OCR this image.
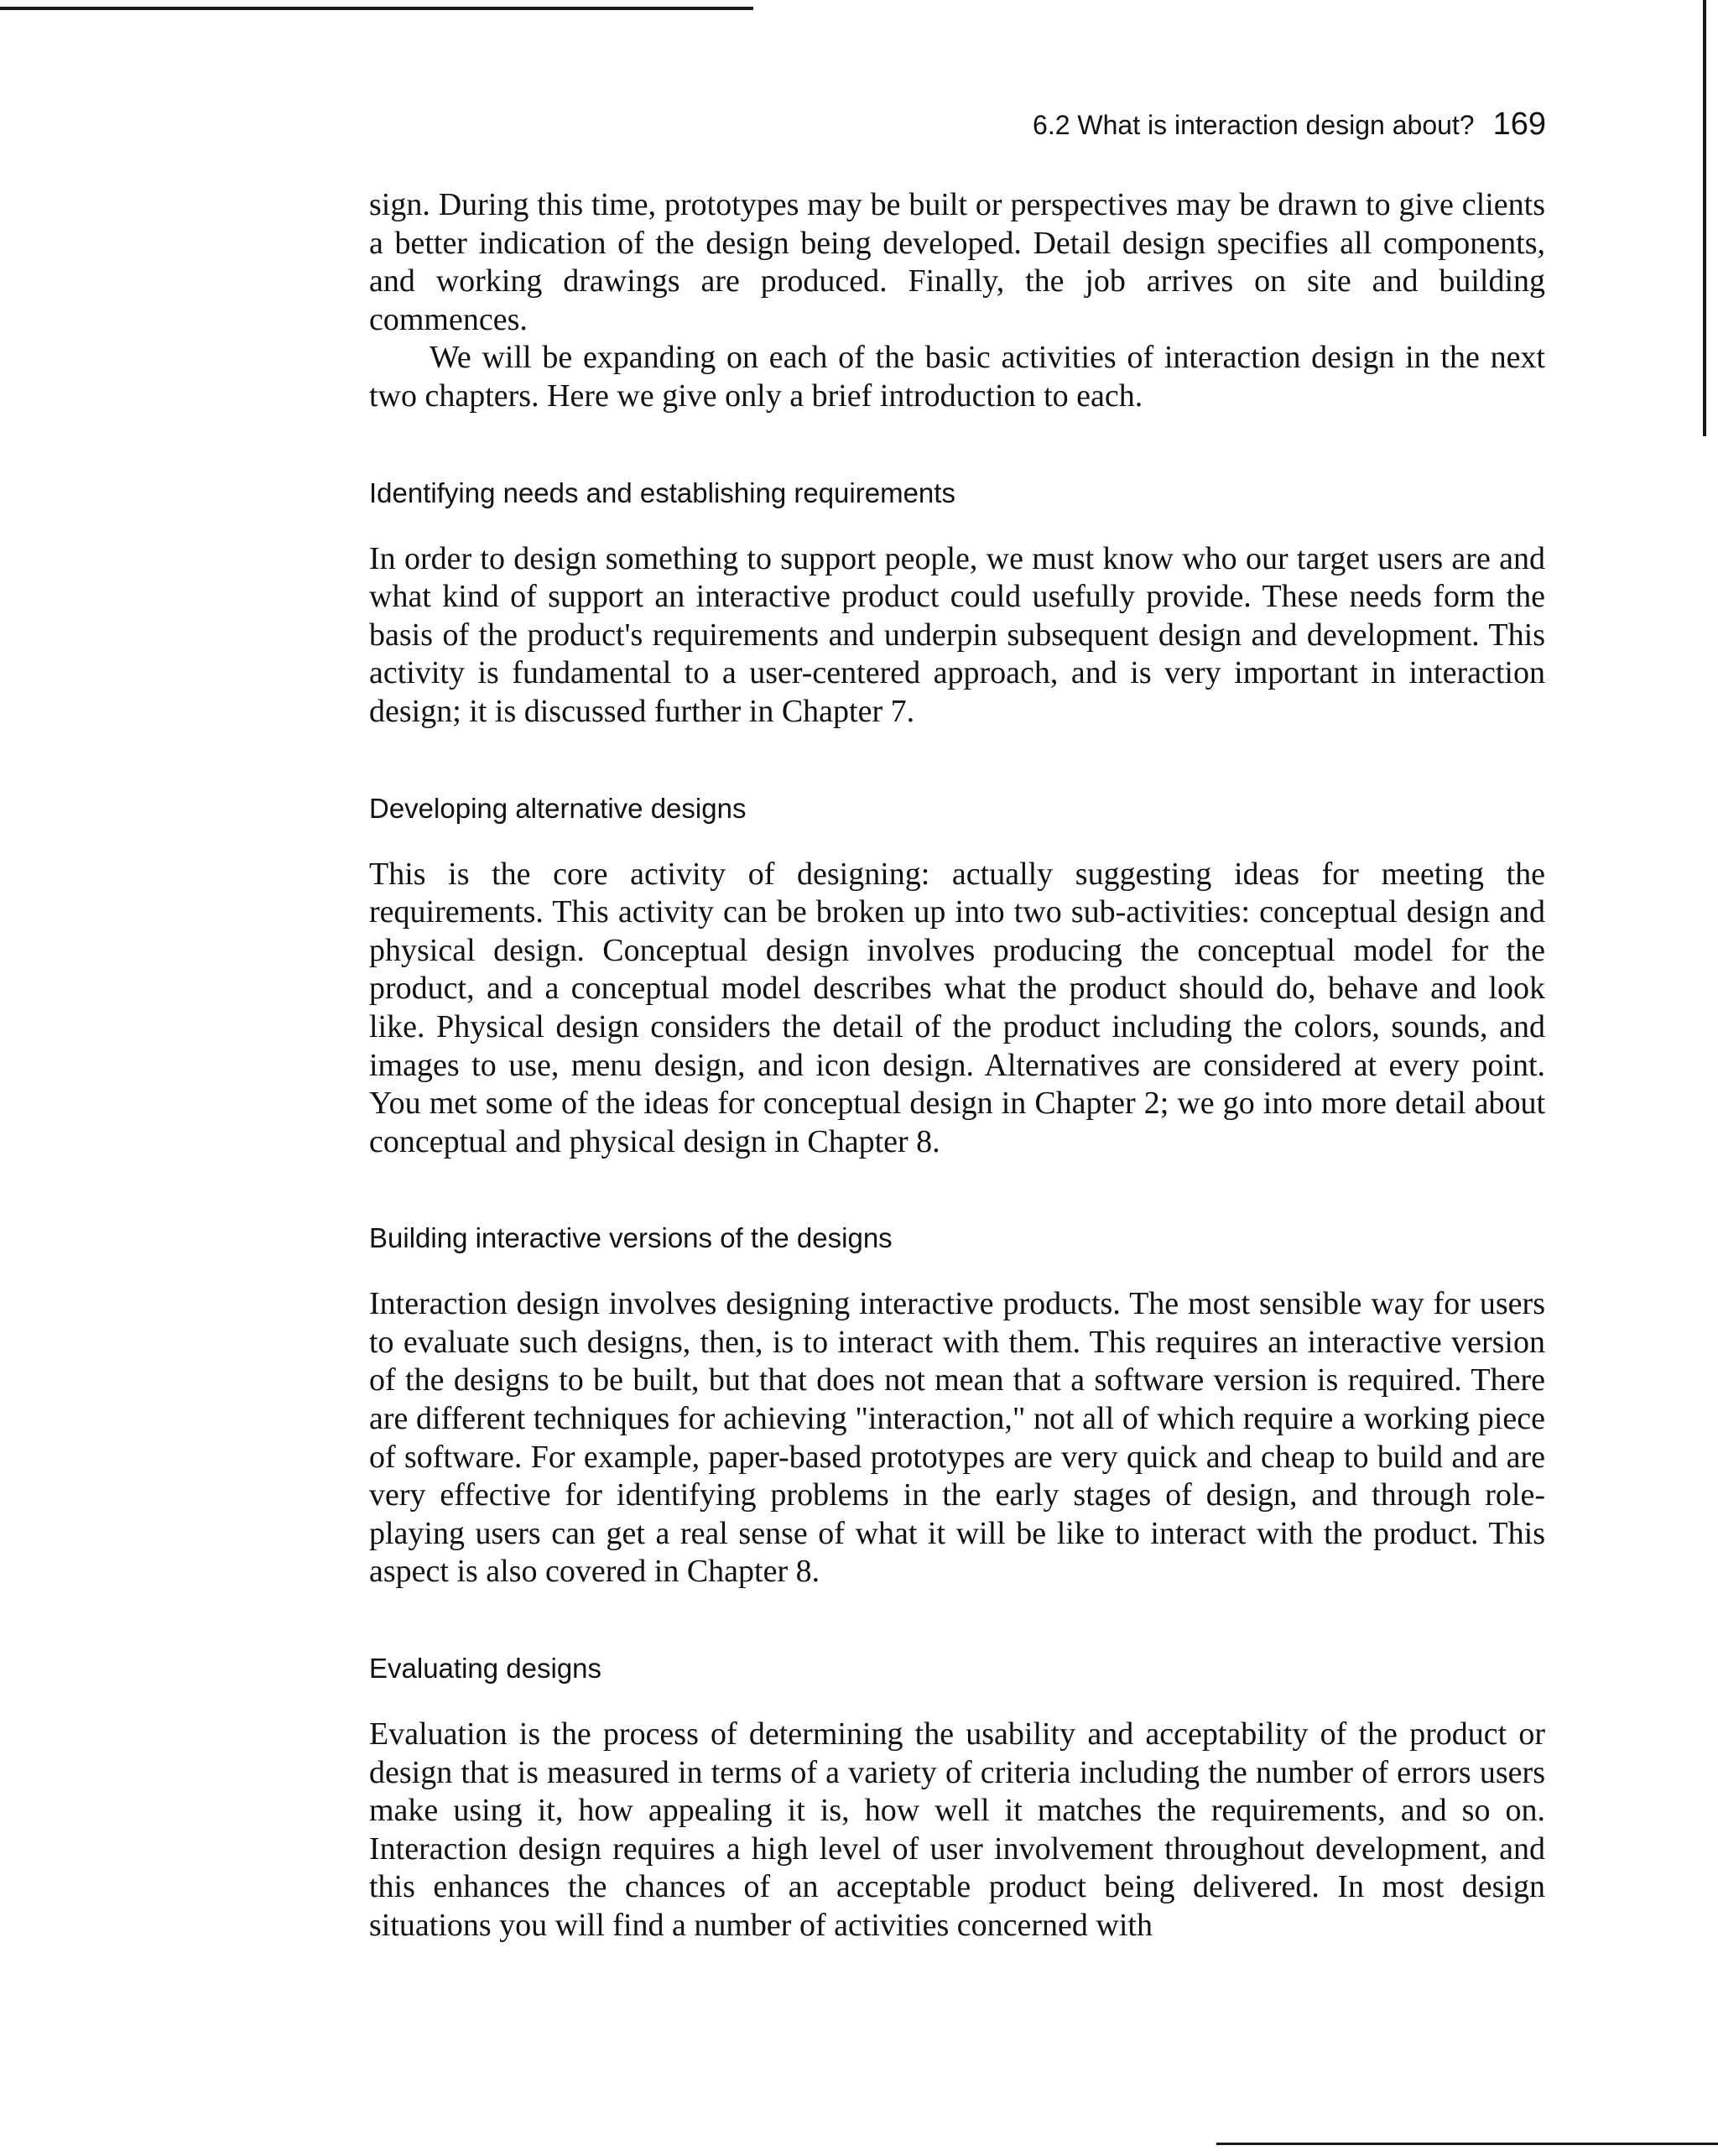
6.2 What is interaction design about? 169

sign. During this time, prototypes may be built or perspectives may be drawn to give clients a better indication of the design being developed. Detail design specifies all components, and working drawings are produced. Finally, the job arrives on site and building commences.

We will be expanding on each of the basic activities of interaction design in the next two chapters. Here we give only a brief introduction to each.

Identifying needs and establishing requirements

In order to design something to support people, we must know who our target users are and what kind of support an interactive product could usefully provide. These needs form the basis of the product's requirements and underpin subsequent design and development. This activity is fundamental to a user-centered approach, and is very important in interaction design; it is discussed further in Chapter 7.

Developing alternative designs

This is the core activity of designing: actually suggesting ideas for meeting the requirements. This activity can be broken up into two sub-activities: conceptual design and physical design. Conceptual design involves producing the conceptual model for the product, and a conceptual model describes what the product should do, behave and look like. Physical design considers the detail of the product including the colors, sounds, and images to use, menu design, and icon design. Alternatives are considered at every point. You met some of the ideas for conceptual design in Chapter 2; we go into more detail about conceptual and physical design in Chapter 8.

Building interactive versions of the designs

Interaction design involves designing interactive products. The most sensible way for users to evaluate such designs, then, is to interact with them. This requires an interactive version of the designs to be built, but that does not mean that a software version is required. There are different techniques for achieving "interaction," not all of which require a working piece of software. For example, paper-based prototypes are very quick and cheap to build and are very effective for identifying problems in the early stages of design, and through role-playing users can get a real sense of what it will be like to interact with the product. This aspect is also covered in Chapter 8.

Evaluating designs

Evaluation is the process of determining the usability and acceptability of the product or design that is measured in terms of a variety of criteria including the number of errors users make using it, how appealing it is, how well it matches the requirements, and so on. Interaction design requires a high level of user involvement throughout development, and this enhances the chances of an acceptable product being delivered. In most design situations you will find a number of activities concerned with
